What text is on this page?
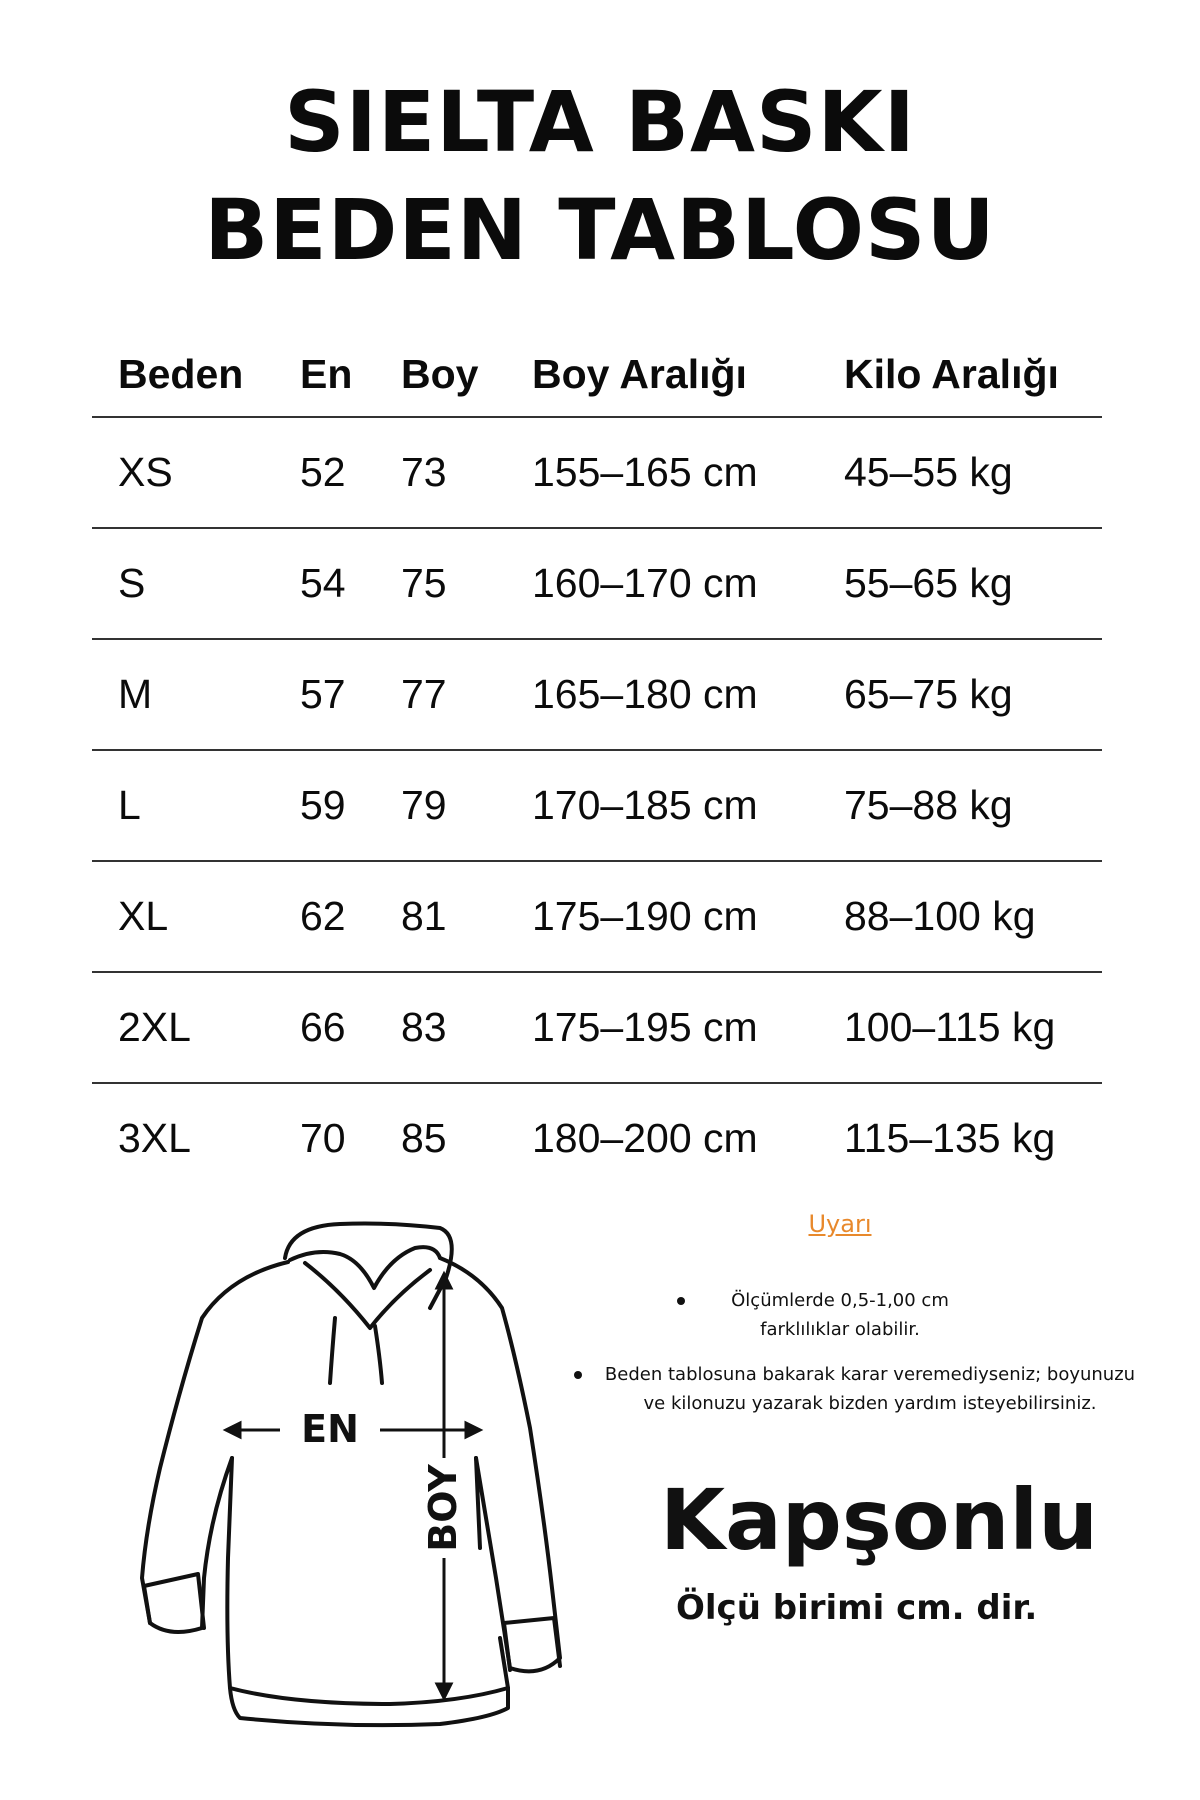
SIELTA BASKI
BEDEN TABLOSU
Beden	En	Boy	Boy Aralığı	Kilo Aralığı
XS	52	73	155–165 cm	45–55 kg
S	54	75	160–170 cm	55–65 kg
M	57	77	165–180 cm	65–75 kg
L	59	79	170–185 cm	75–88 kg
XL	62	81	175–190 cm	88–100 kg
2XL	66	83	175–195 cm	100–115 kg
3XL	70	85	180–200 cm	115–135 kg
EN
BOY
Uyarı
Ölçümlerde 0,5-1,00 cm farklılıklar olabilir.
Beden tablosuna bakarak karar veremediyseniz; boyunuzu ve kilonuzu yazarak bizden yardım isteyebilirsiniz.
Kapşonlu
Ölçü birimi cm. dir.
